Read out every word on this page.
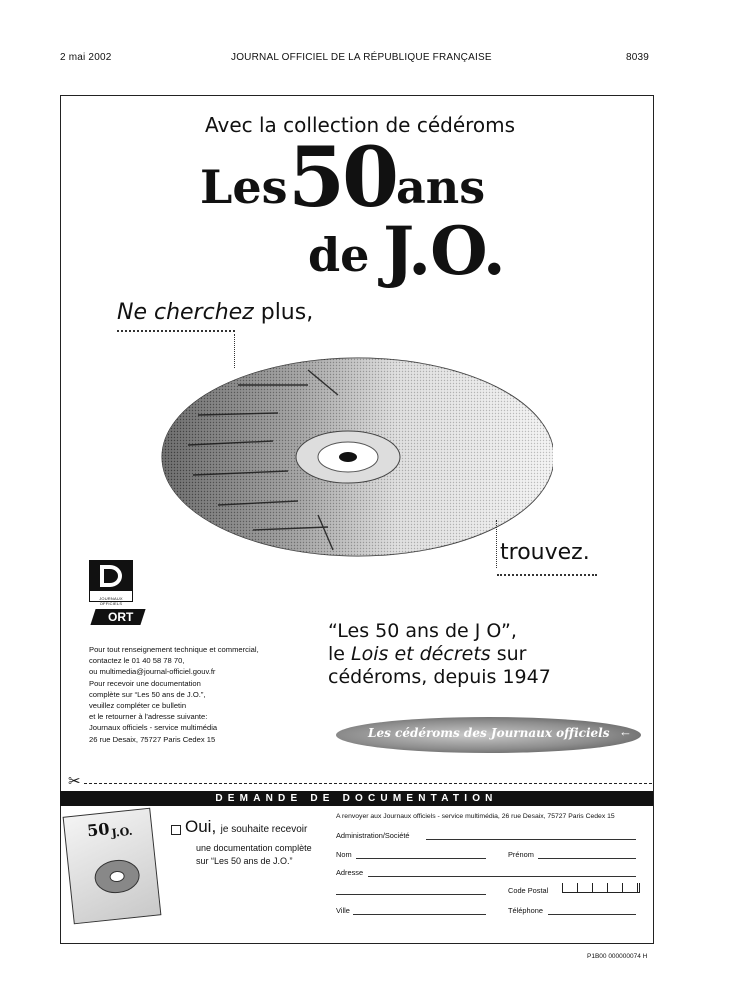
2 mai 2002	JOURNAL OFFICIEL DE LA RÉPUBLIQUE FRANÇAISE	8039
Avec la collection de cédéroms
Les 50 ans
de J.O.
Ne cherchez plus,
trouvez.
JOURNAUX OFFICIELS
ORT
Pour tout renseignement technique et commercial,
contactez le 01 40 58 78 70,
ou multimedia@journal-officiel.gouv.fr
Pour recevoir une documentation
complète sur “Les 50 ans de J.O.”,
veuillez compléter ce bulletin
et le retourner à l'adresse suivante:
Journaux officiels - service multimédia
26 rue Desaix, 75727 Paris Cedex 15
“Les 50 ans de J O”,
le Lois et décrets sur
cédéroms, depuis 1947
Les cédéroms des Journaux officiels ←
✂
DEMANDE DE DOCUMENTATION
50 J.O.	Oui, je souhaite recevoir
une documentation complète
sur “Les 50 ans de J.O.”
A renvoyer aux Journaux officiels - service multimédia, 26 rue Desaix, 75727 Paris Cedex 15
Administration/Société
Nom	Prénom
Adresse
Code Postal
Ville	Téléphone
P1B00 000000074 H
